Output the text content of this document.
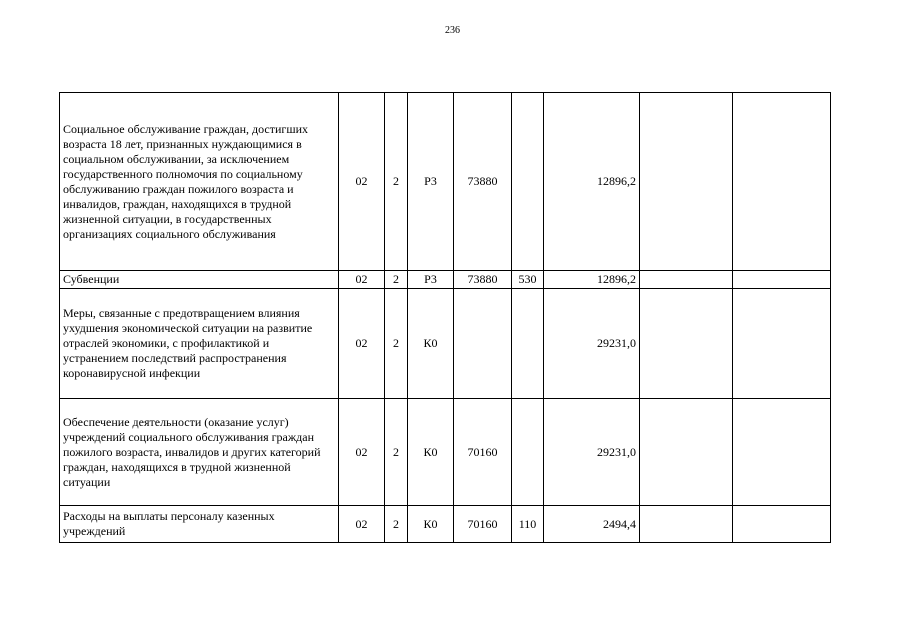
236
Социальное обслуживание граждан, достигших возраста 18 лет, признанных нуждающимися в социальном обслуживании, за исключением государственного полномочия по социальному обслуживанию граждан пожилого возраста и инвалидов, граждан, находящихся в трудной жизненной ситуации, в государственных организациях социального обслуживания	02	2	Р3	73880		12896,2		
Субвенции	02	2	Р3	73880	530	12896,2		
Меры, связанные с предотвращением влияния ухудшения экономической ситуации на развитие отраслей экономики, с профилактикой и устранением последствий распространения коронавирусной инфекции	02	2	К0			29231,0		
Обеспечение деятельности (оказание услуг) учреждений социального обслуживания граждан пожилого возраста, инвалидов и других категорий граждан, находящихся в трудной жизненной ситуации	02	2	К0	70160		29231,0		
Расходы на выплаты персоналу казенных учреждений	02	2	К0	70160	110	2494,4		
